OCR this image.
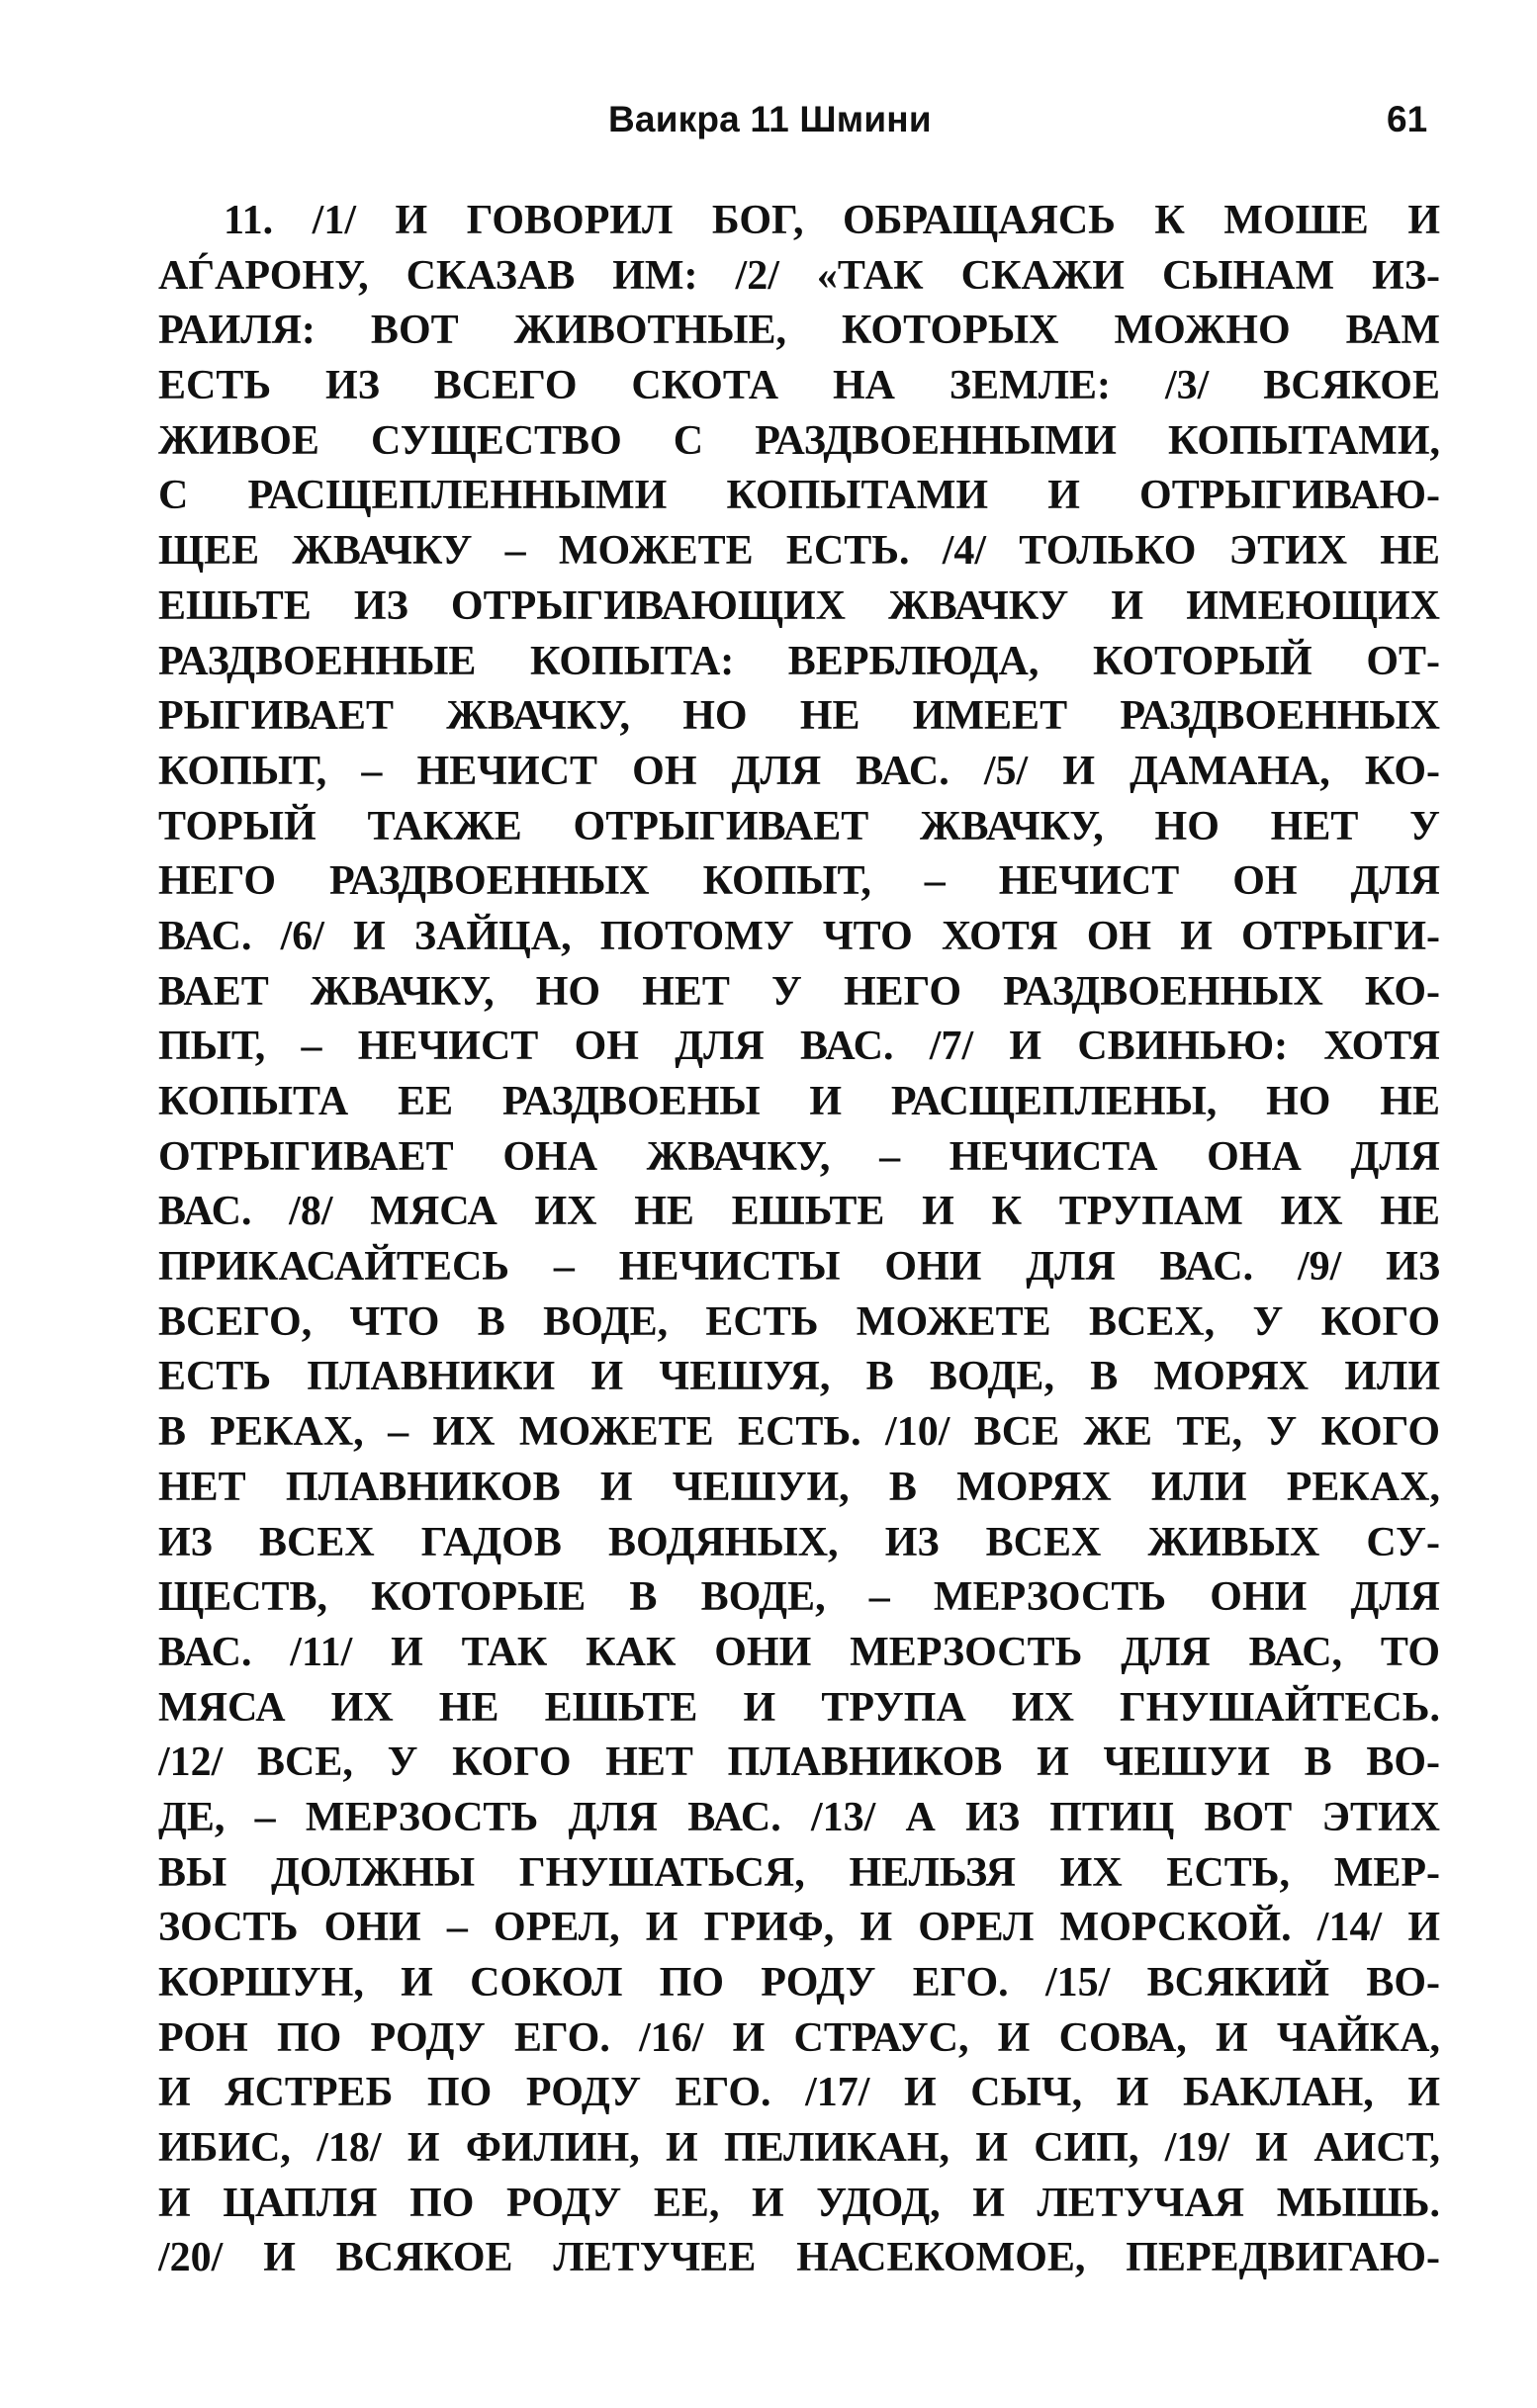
Ваикра 11 Шмини	61
11. /1/ И ГОВОРИЛ БОГ, ОБРАЩАЯСЬ К МОШЕ И
АЃАРОНУ, СКАЗАВ ИМ: /2/ «ТАК СКАЖИ СЫНАМ ИЗ-
РАИЛЯ: ВОТ ЖИВОТНЫЕ, КОТОРЫХ МОЖНО ВАМ
ЕСТЬ ИЗ ВСЕГО СКОТА НА ЗЕМЛЕ: /3/ ВСЯКОЕ
ЖИВОЕ СУЩЕСТВО С РАЗДВОЕННЫМИ КОПЫТАМИ,
С РАСЩЕПЛЕННЫМИ КОПЫТАМИ И ОТРЫГИВАЮ-
ЩЕЕ ЖВАЧКУ – МОЖЕТЕ ЕСТЬ. /4/ ТОЛЬКО ЭТИХ НЕ
ЕШЬТЕ ИЗ ОТРЫГИВАЮЩИХ ЖВАЧКУ И ИМЕЮЩИХ
РАЗДВОЕННЫЕ КОПЫТА: ВЕРБЛЮДА, КОТОРЫЙ ОТ-
РЫГИВАЕТ ЖВАЧКУ, НО НЕ ИМЕЕТ РАЗДВОЕННЫХ
КОПЫТ, – НЕЧИСТ ОН ДЛЯ ВАС. /5/ И ДАМАНА, КО-
ТОРЫЙ ТАКЖЕ ОТРЫГИВАЕТ ЖВАЧКУ, НО НЕТ У
НЕГО РАЗДВОЕННЫХ КОПЫТ, – НЕЧИСТ ОН ДЛЯ
ВАС. /6/ И ЗАЙЦА, ПОТОМУ ЧТО ХОТЯ ОН И ОТРЫГИ-
ВАЕТ ЖВАЧКУ, НО НЕТ У НЕГО РАЗДВОЕННЫХ КО-
ПЫТ, – НЕЧИСТ ОН ДЛЯ ВАС. /7/ И СВИНЬЮ: ХОТЯ
КОПЫТА ЕЕ РАЗДВОЕНЫ И РАСЩЕПЛЕНЫ, НО НЕ
ОТРЫГИВАЕТ ОНА ЖВАЧКУ, – НЕЧИСТА ОНА ДЛЯ
ВАС. /8/ МЯСА ИХ НЕ ЕШЬТЕ И К ТРУПАМ ИХ НЕ
ПРИКАСАЙТЕСЬ – НЕЧИСТЫ ОНИ ДЛЯ ВАС. /9/ ИЗ
ВСЕГО, ЧТО В ВОДЕ, ЕСТЬ МОЖЕТЕ ВСЕХ, У КОГО
ЕСТЬ ПЛАВНИКИ И ЧЕШУЯ, В ВОДЕ, В МОРЯХ ИЛИ
В РЕКАХ, – ИХ МОЖЕТЕ ЕСТЬ. /10/ ВСЕ ЖЕ ТЕ, У КОГО
НЕТ ПЛАВНИКОВ И ЧЕШУИ, В МОРЯХ ИЛИ РЕКАХ,
ИЗ ВСЕХ ГАДОВ ВОДЯНЫХ, ИЗ ВСЕХ ЖИВЫХ СУ-
ЩЕСТВ, КОТОРЫЕ В ВОДЕ, – МЕРЗОСТЬ ОНИ ДЛЯ
ВАС. /11/ И ТАК КАК ОНИ МЕРЗОСТЬ ДЛЯ ВАС, ТО
МЯСА ИХ НЕ ЕШЬТЕ И ТРУПА ИХ ГНУШАЙТЕСЬ.
/12/ ВСЕ, У КОГО НЕТ ПЛАВНИКОВ И ЧЕШУИ В ВО-
ДЕ, – МЕРЗОСТЬ ДЛЯ ВАС. /13/ А ИЗ ПТИЦ ВОТ ЭТИХ
ВЫ ДОЛЖНЫ ГНУШАТЬСЯ, НЕЛЬЗЯ ИХ ЕСТЬ, МЕР-
ЗОСТЬ ОНИ – ОРЕЛ, И ГРИФ, И ОРЕЛ МОРСКОЙ. /14/ И
КОРШУН, И СОКОЛ ПО РОДУ ЕГО. /15/ ВСЯКИЙ ВО-
РОН ПО РОДУ ЕГО. /16/ И СТРАУС, И СОВА, И ЧАЙКА,
И ЯСТРЕБ ПО РОДУ ЕГО. /17/ И СЫЧ, И БАКЛАН, И
ИБИС, /18/ И ФИЛИН, И ПЕЛИКАН, И СИП, /19/ И АИСТ,
И ЦАПЛЯ ПО РОДУ ЕЕ, И УДОД, И ЛЕТУЧАЯ МЫШЬ.
/20/ И ВСЯКОЕ ЛЕТУЧЕЕ НАСЕКОМОЕ, ПЕРЕДВИГАЮ-
